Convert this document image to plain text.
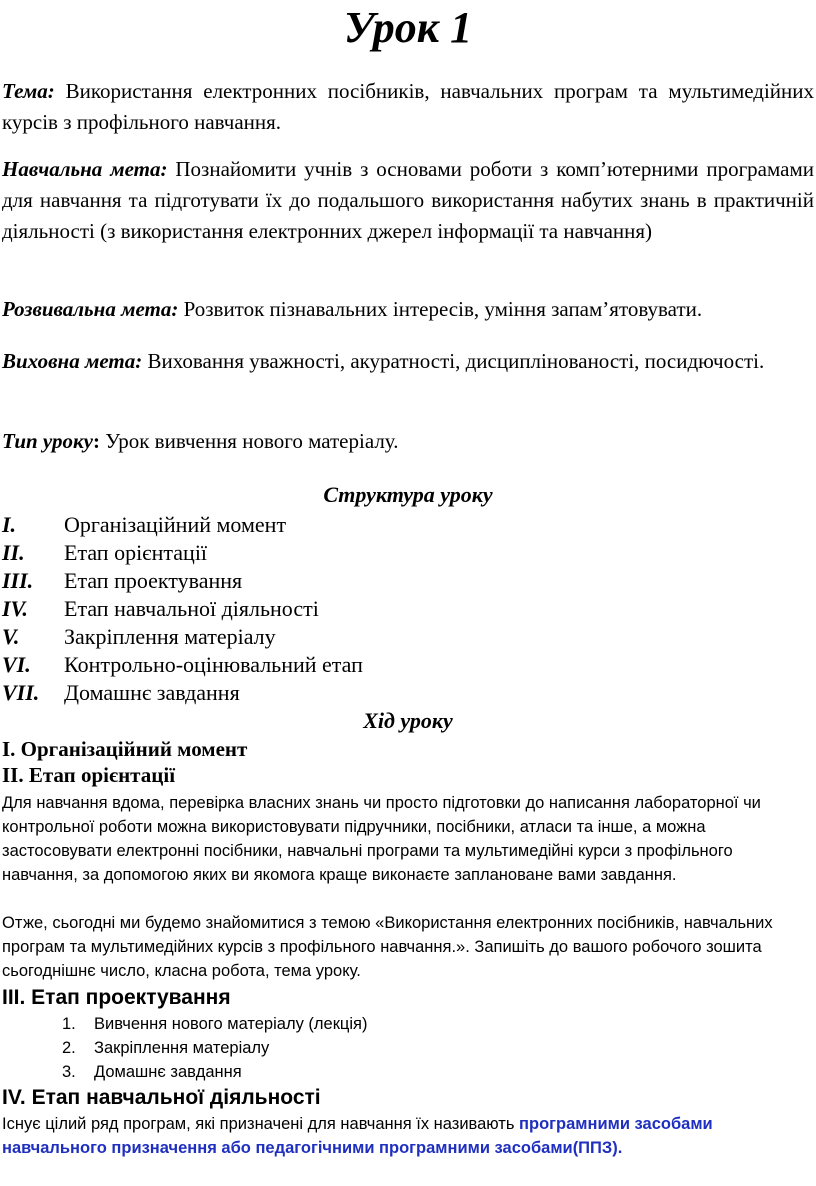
Урок 1
Тема: Використання електронних посібників, навчальних програм та мультимедійних курсів з профільного навчання.
Навчальна мета: Познайомити учнів з основами роботи з комп’ютерними програмами для навчання та підготувати їх до подальшого використання набутих знань в практичній діяльності (з використання електронних джерел інформації та навчання)
Розвивальна мета: Розвиток пізнавальних інтересів, уміння запам’ятовувати.
Виховна мета: Виховання уважності, акуратності, дисциплінованості, посидючості.
Тип уроку: Урок вивчення нового матеріалу.
Структура уроку
I. Організаційний момент
II. Етап орієнтації
III. Етап проектування
IV. Етап навчальної діяльності
V. Закріплення матеріалу
VI. Контрольно-оцінювальний етап
VII. Домашнє завдання
Хід уроку
I. Організаційний момент
II. Етап орієнтації
Для навчання вдома, перевірка власних знань чи просто підготовки до написання лабораторної чи контрольної роботи можна використовувати підручники, посібники, атласи та інше, а можна застосовувати електронні посібники, навчальні програми та мультимедійні курси з профільного навчання, за допомогою яких ви якомога краще виконаєте заплановане вами завдання.
Отже, сьогодні ми будемо знайомитися з темою «Використання електронних посібників, навчальних програм та мультимедійних курсів з профільного навчання.». Запишіть до вашого робочого зошита сьогоднішнє число, класна робота, тема уроку.
III. Етап проектування
1. Вивчення нового матеріалу (лекція)
2. Закріплення матеріалу
3. Домашнє завдання
IV. Етап навчальної діяльності
Існує цілий ряд програм, які призначені для навчання їх називають програмними засобами навчального призначення або педагогічними програмними засобами(ППЗ).
